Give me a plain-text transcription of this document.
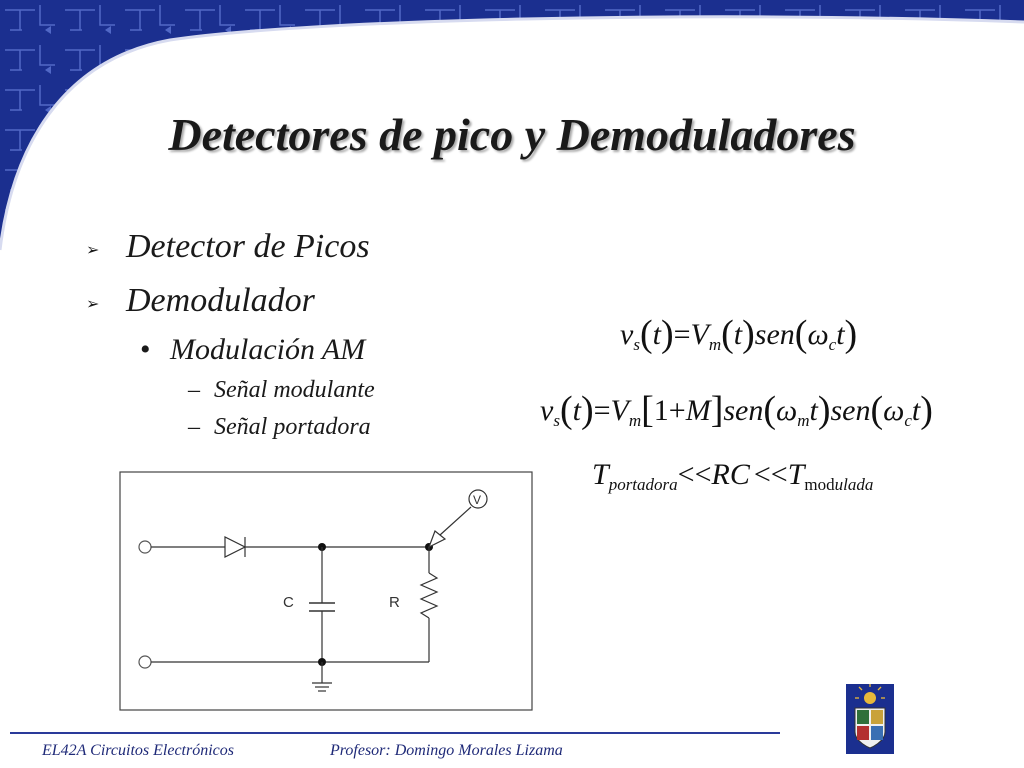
Detectores de pico y Demoduladores
➢ Detector de Picos
➢ Demodulador
• Modulación AM
– Señal modulante
– Señal portadora
$v_s(t)=V_m(t)sen(\omega_ct)$
$v_s(t)=V_m[1+M]sen(\omega_mt)sen(\omega_ct)$
$T_{portadora}<<RC <<T_{modulada}$
C	R
V
EL42A Circuitos Electrónicos	Profesor: Domingo Morales Lizama
